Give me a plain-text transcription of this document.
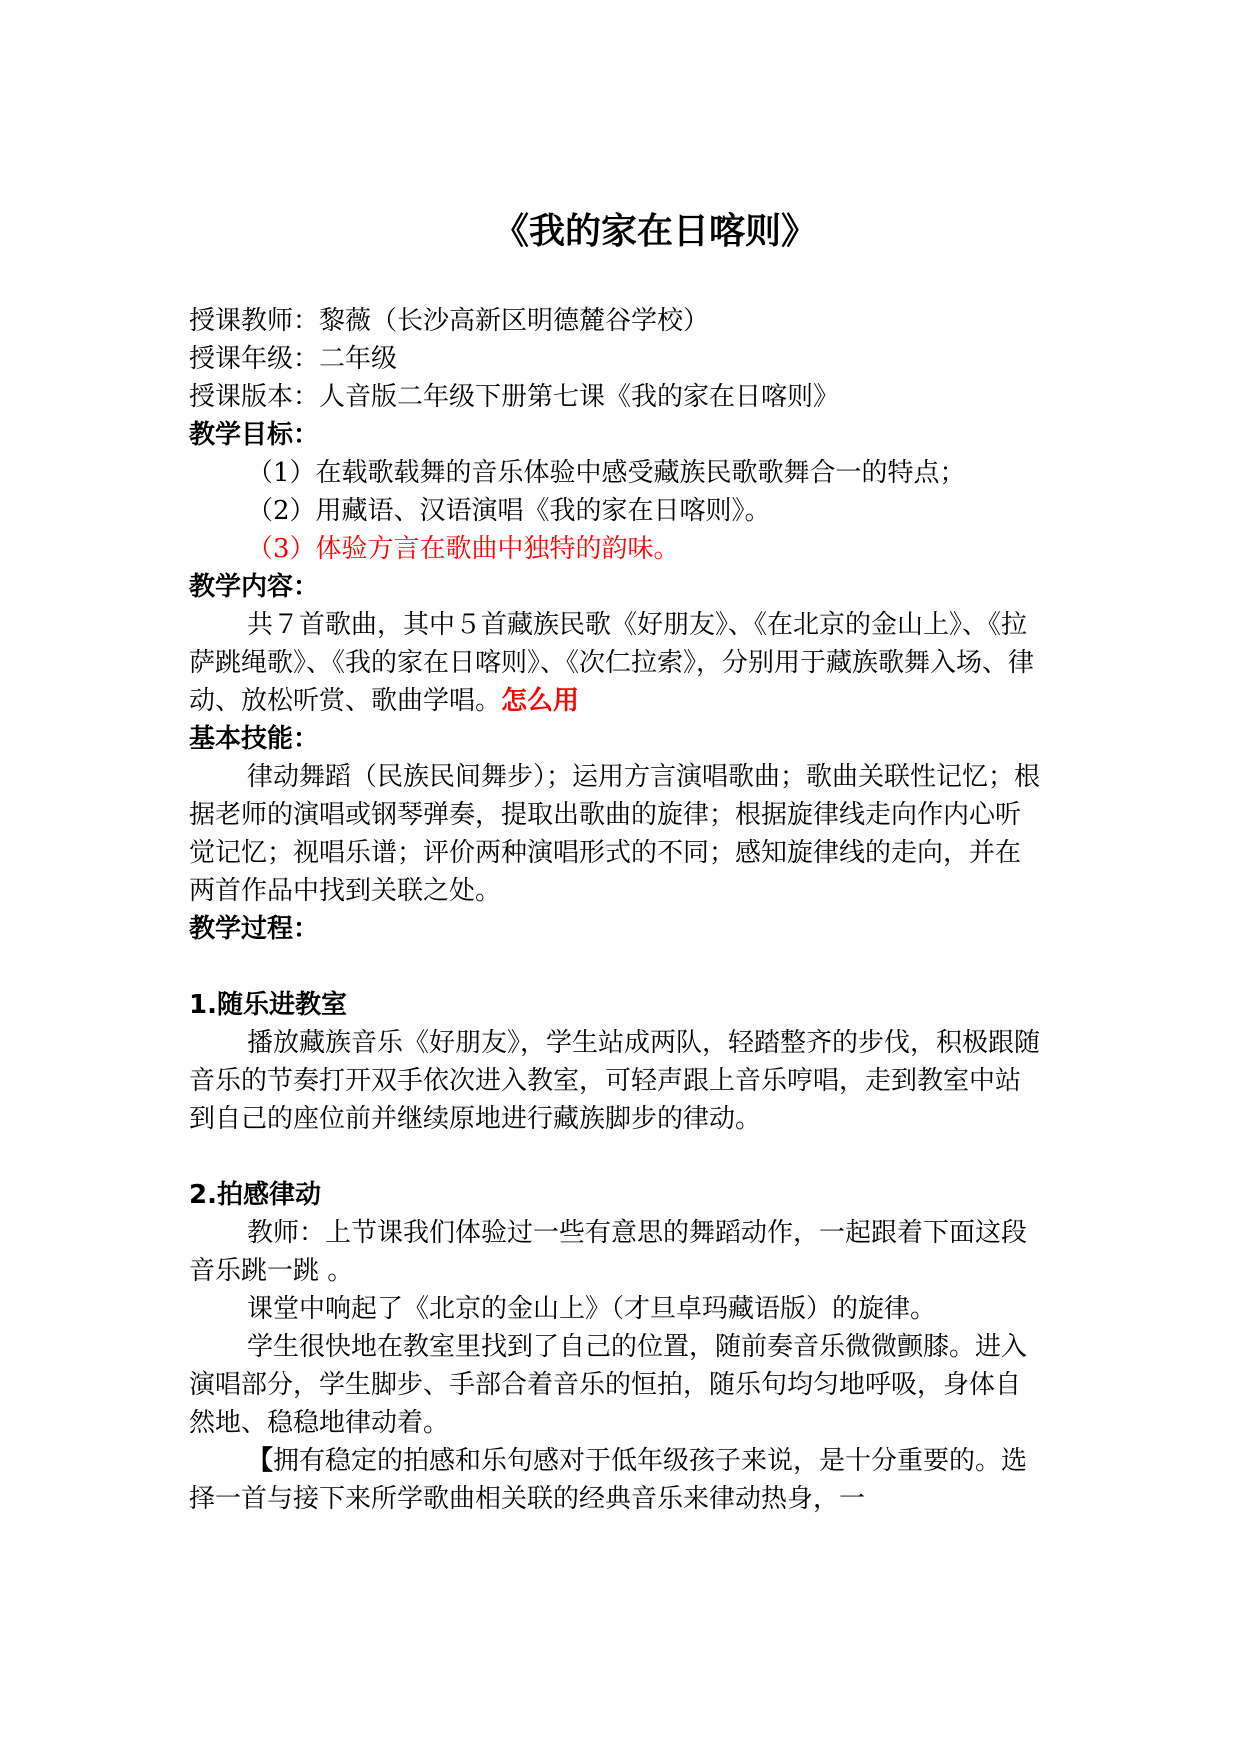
《我的家在日喀则》

授课教师：黎薇（长沙高新区明德麓谷学校）

授课年级：二年级

授课版本：人音版二年级下册第七课《我的家在日喀则》

教学目标：

（1）在载歌载舞的音乐体验中感受藏族民歌歌舞合一的特点；

（2）用藏语、汉语演唱《我的家在日喀则》。

（3）体验方言在歌曲中独特的韵味。

教学内容：

共７首歌曲，其中５首藏族民歌《好朋友》、《在北京的金山上》、《拉萨跳绳歌》、《我的家在日喀则》、《次仁拉索》，分别用于藏族歌舞入场、律动、放松听赏、歌曲学唱。怎么用

基本技能：

律动舞蹈（民族民间舞步）；运用方言演唱歌曲；歌曲关联性记忆；根据老师的演唱或钢琴弹奏，提取出歌曲的旋律；根据旋律线走向作内心听觉记忆；视唱乐谱；评价两种演唱形式的不同；感知旋律线的走向，并在两首作品中找到关联之处。

教学过程：

1.随乐进教室

播放藏族音乐《好朋友》，学生站成两队，轻踏整齐的步伐，积极跟随音乐的节奏打开双手依次进入教室，可轻声跟上音乐哼唱，走到教室中站到自己的座位前并继续原地进行藏族脚步的律动。

2.拍感律动

教师：上节课我们体验过一些有意思的舞蹈动作，一起跟着下面这段音乐跳一跳 。

课堂中响起了《北京的金山上》（才旦卓玛藏语版）的旋律。

学生很快地在教室里找到了自己的位置，随前奏音乐微微颤膝。进入演唱部分，学生脚步、手部合着音乐的恒拍，随乐句均匀地呼吸，身体自然地、稳稳地律动着。

【拥有稳定的拍感和乐句感对于低年级孩子来说，是十分重要的。选择一首与接下来所学歌曲相关联的经典音乐来律动热身，一
